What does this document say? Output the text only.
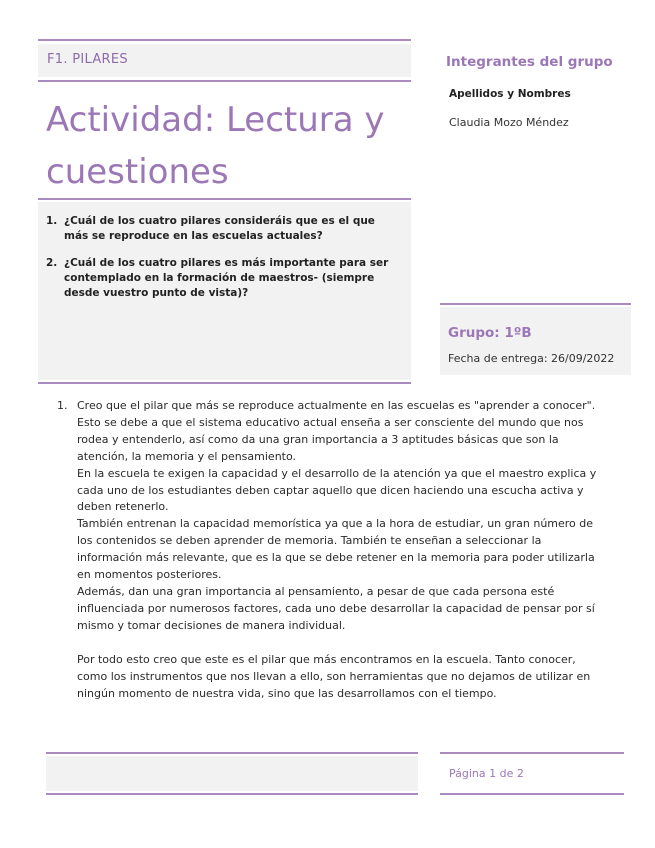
F1. PILARES
Actividad: Lectura y cuestiones
1. ¿Cuál de los cuatro pilares consideráis que es el que más se reproduce en las escuelas actuales?
2. ¿Cuál de los cuatro pilares es más importante para ser contemplado en la formación de maestros- (siempre desde vuestro punto de vista)?
Integrantes del grupo
Apellidos y Nombres
Claudia Mozo Méndez
Grupo: 1ºB
Fecha de entrega: 26/09/2022
1. Creo que el pilar que más se reproduce actualmente en las escuelas es "aprender a conocer". Esto se debe a que el sistema educativo actual enseña a ser consciente del mundo que nos rodea y entenderlo, así como da una gran importancia a 3 aptitudes básicas que son la atención, la memoria y el pensamiento.

En la escuela te exigen la capacidad y el desarrollo de la atención ya que el maestro explica y cada uno de los estudiantes deben captar aquello que dicen haciendo una escucha activa y deben retenerlo.

También entrenan la capacidad memorística ya que a la hora de estudiar, un gran número de los contenidos se deben aprender de memoria. También te enseñan a seleccionar la información más relevante, que es la que se debe retener en la memoria para poder utilizarla en momentos posteriores.

Además, dan una gran importancia al pensamiento, a pesar de que cada persona esté influenciada por numerosos factores, cada uno debe desarrollar la capacidad de pensar por sí mismo y tomar decisiones de manera individual.

Por todo esto creo que este es el pilar que más encontramos en la escuela. Tanto conocer, como los instrumentos que nos llevan a ello, son herramientas que no dejamos de utilizar en ningún momento de nuestra vida, sino que las desarrollamos con el tiempo.

Página 1 de 2
